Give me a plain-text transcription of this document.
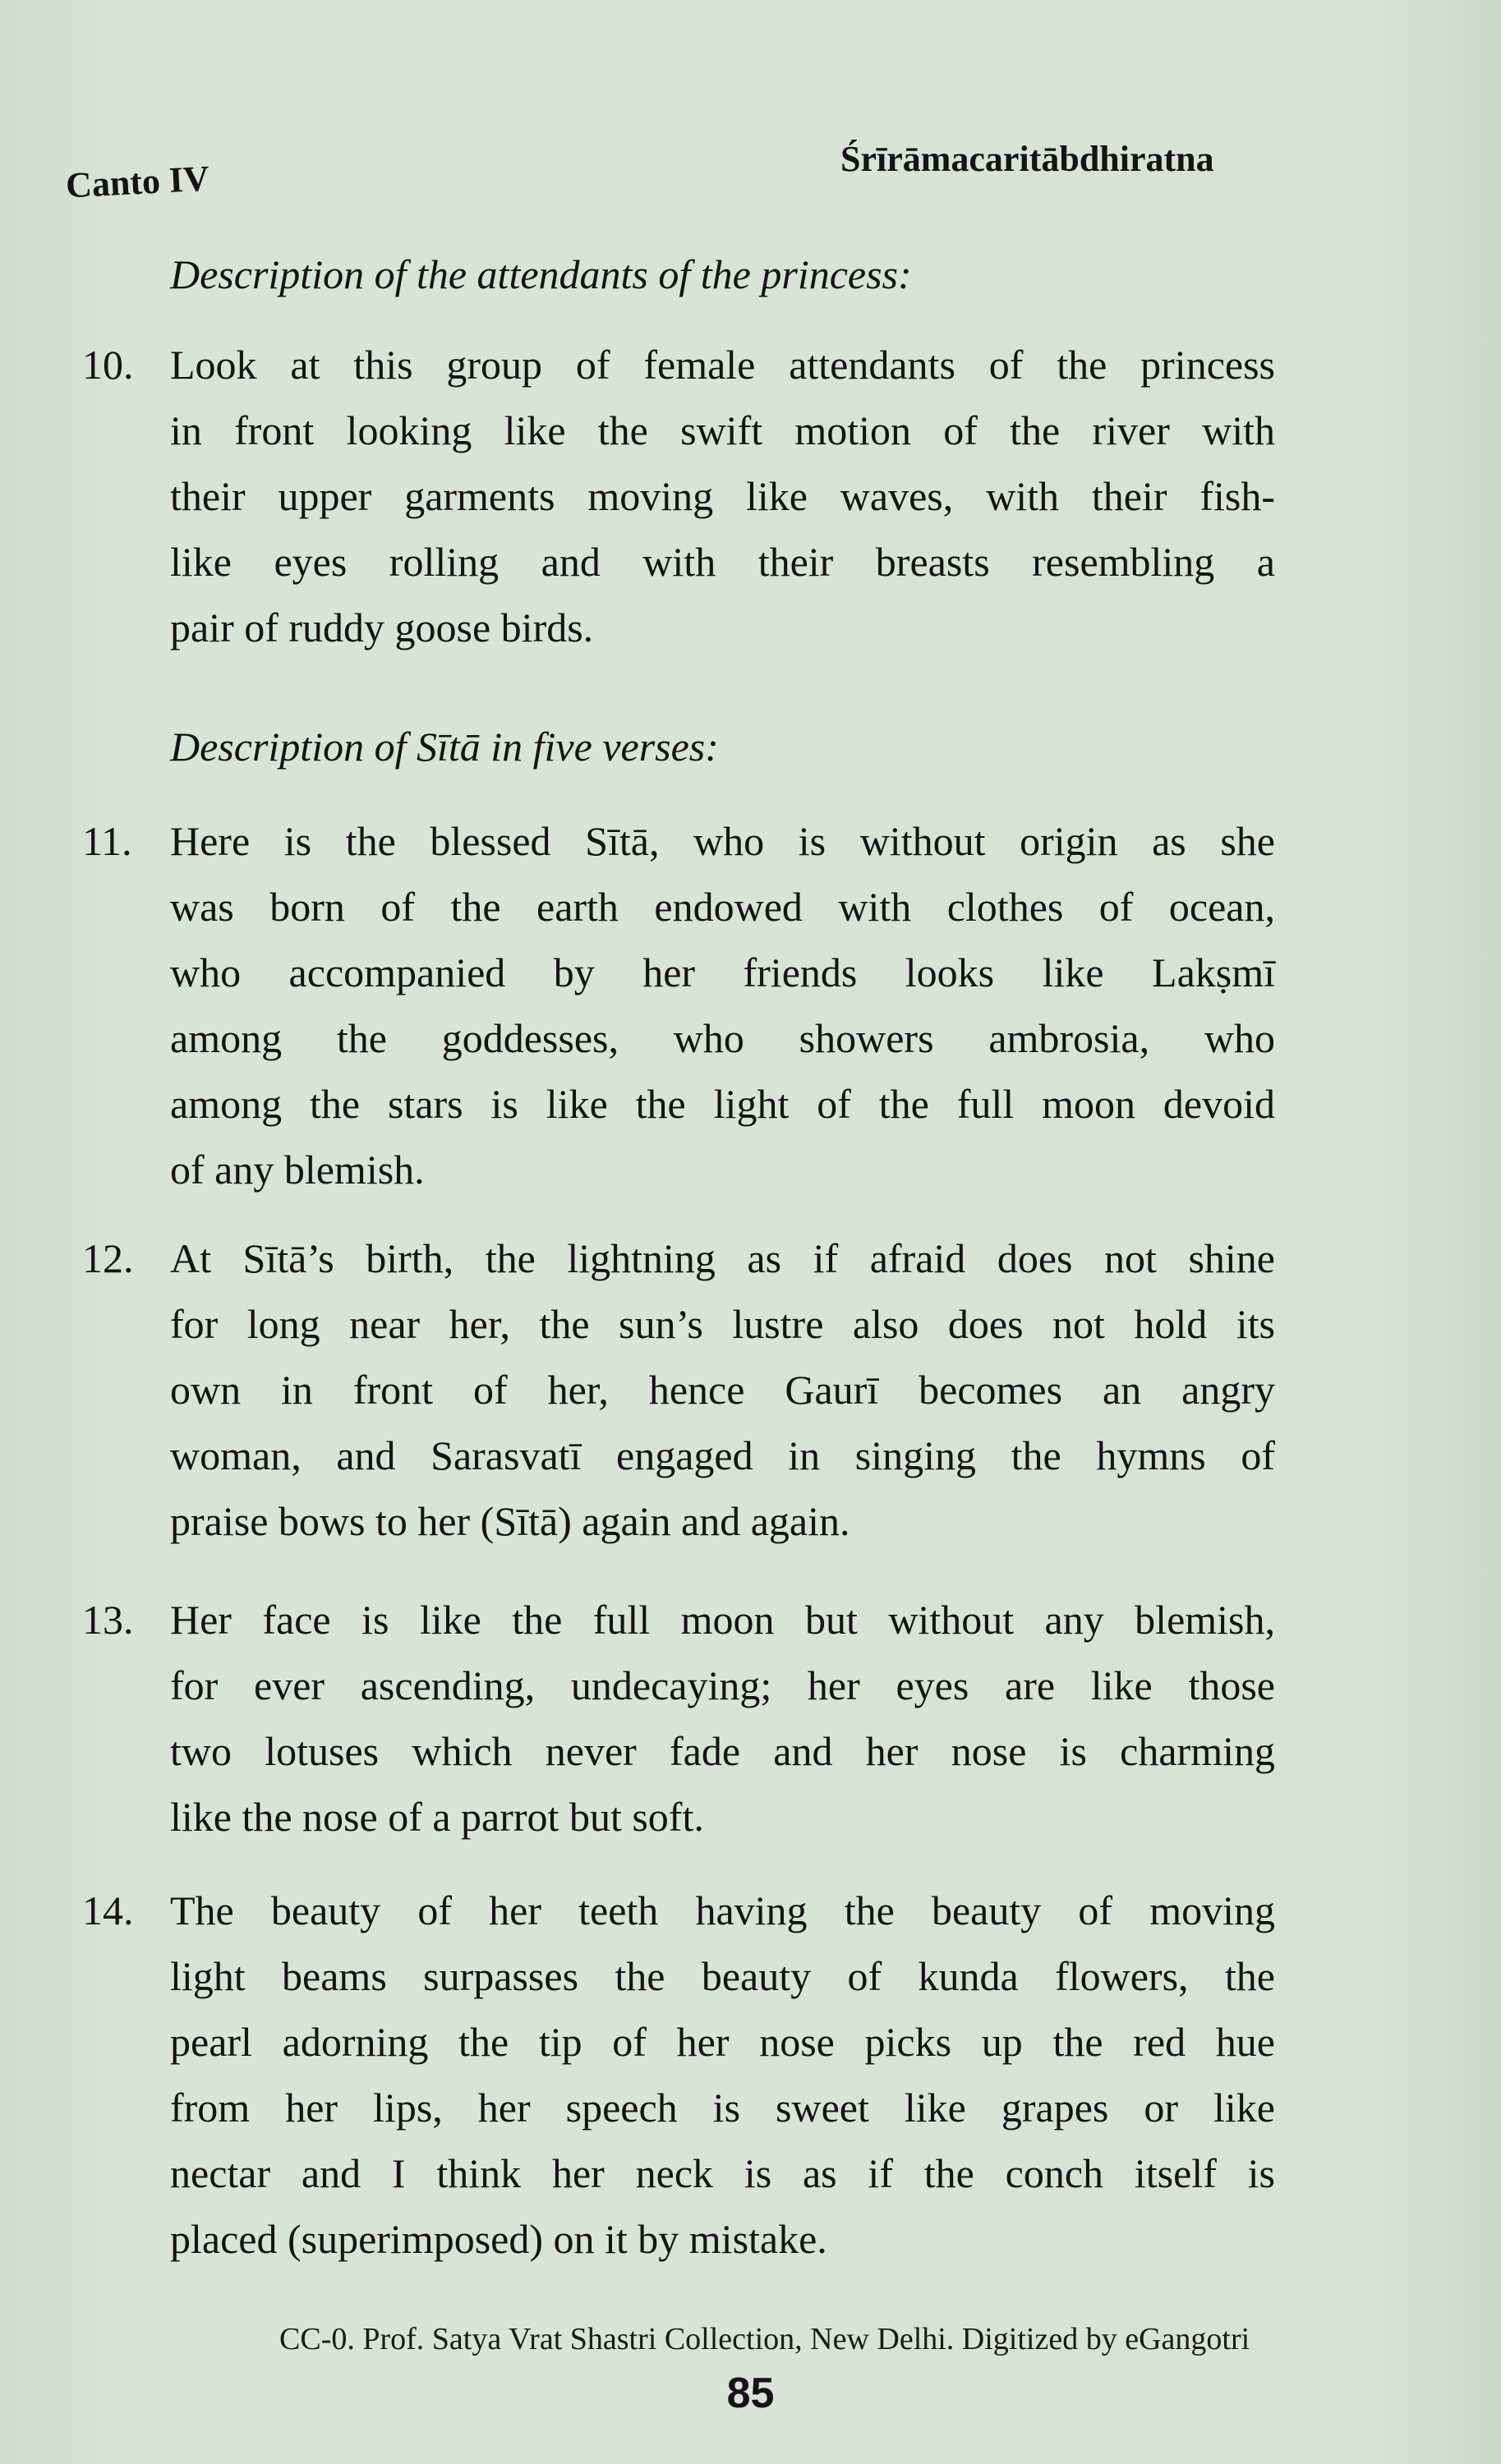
Canto IV	Śrīrāmacaritābdhiratna
Description of the attendants of the princess:
Description of Sītā in five verses:
10. Look at this group of female attendants of the princess
in front looking like the swift motion of the river with
their upper garments moving like waves, with their fish-
like eyes rolling and with their breasts resembling a
pair of ruddy goose birds.
11. Here is the blessed Sītā, who is without origin as she
was born of the earth endowed with clothes of ocean,
who accompanied by her friends looks like Lakṣmī
among the goddesses, who showers ambrosia, who
among the stars is like the light of the full moon devoid
of any blemish.
12. At Sītā’s birth, the lightning as if afraid does not shine
for long near her, the sun’s lustre also does not hold its
own in front of her, hence Gaurī becomes an angry
woman, and Sarasvatī engaged in singing the hymns of
praise bows to her (Sītā) again and again.
13. Her face is like the full moon but without any blemish,
for ever ascending, undecaying; her eyes are like those
two lotuses which never fade and her nose is charming
like the nose of a parrot but soft.
14. The beauty of her teeth having the beauty of moving
light beams surpasses the beauty of kunda flowers, the
pearl adorning the tip of her nose picks up the red hue
from her lips, her speech is sweet like grapes or like
nectar and I think her neck is as if the conch itself is
placed (superimposed) on it by mistake.
CC-0. Prof. Satya Vrat Shastri Collection, New Delhi. Digitized by eGangotri
85
